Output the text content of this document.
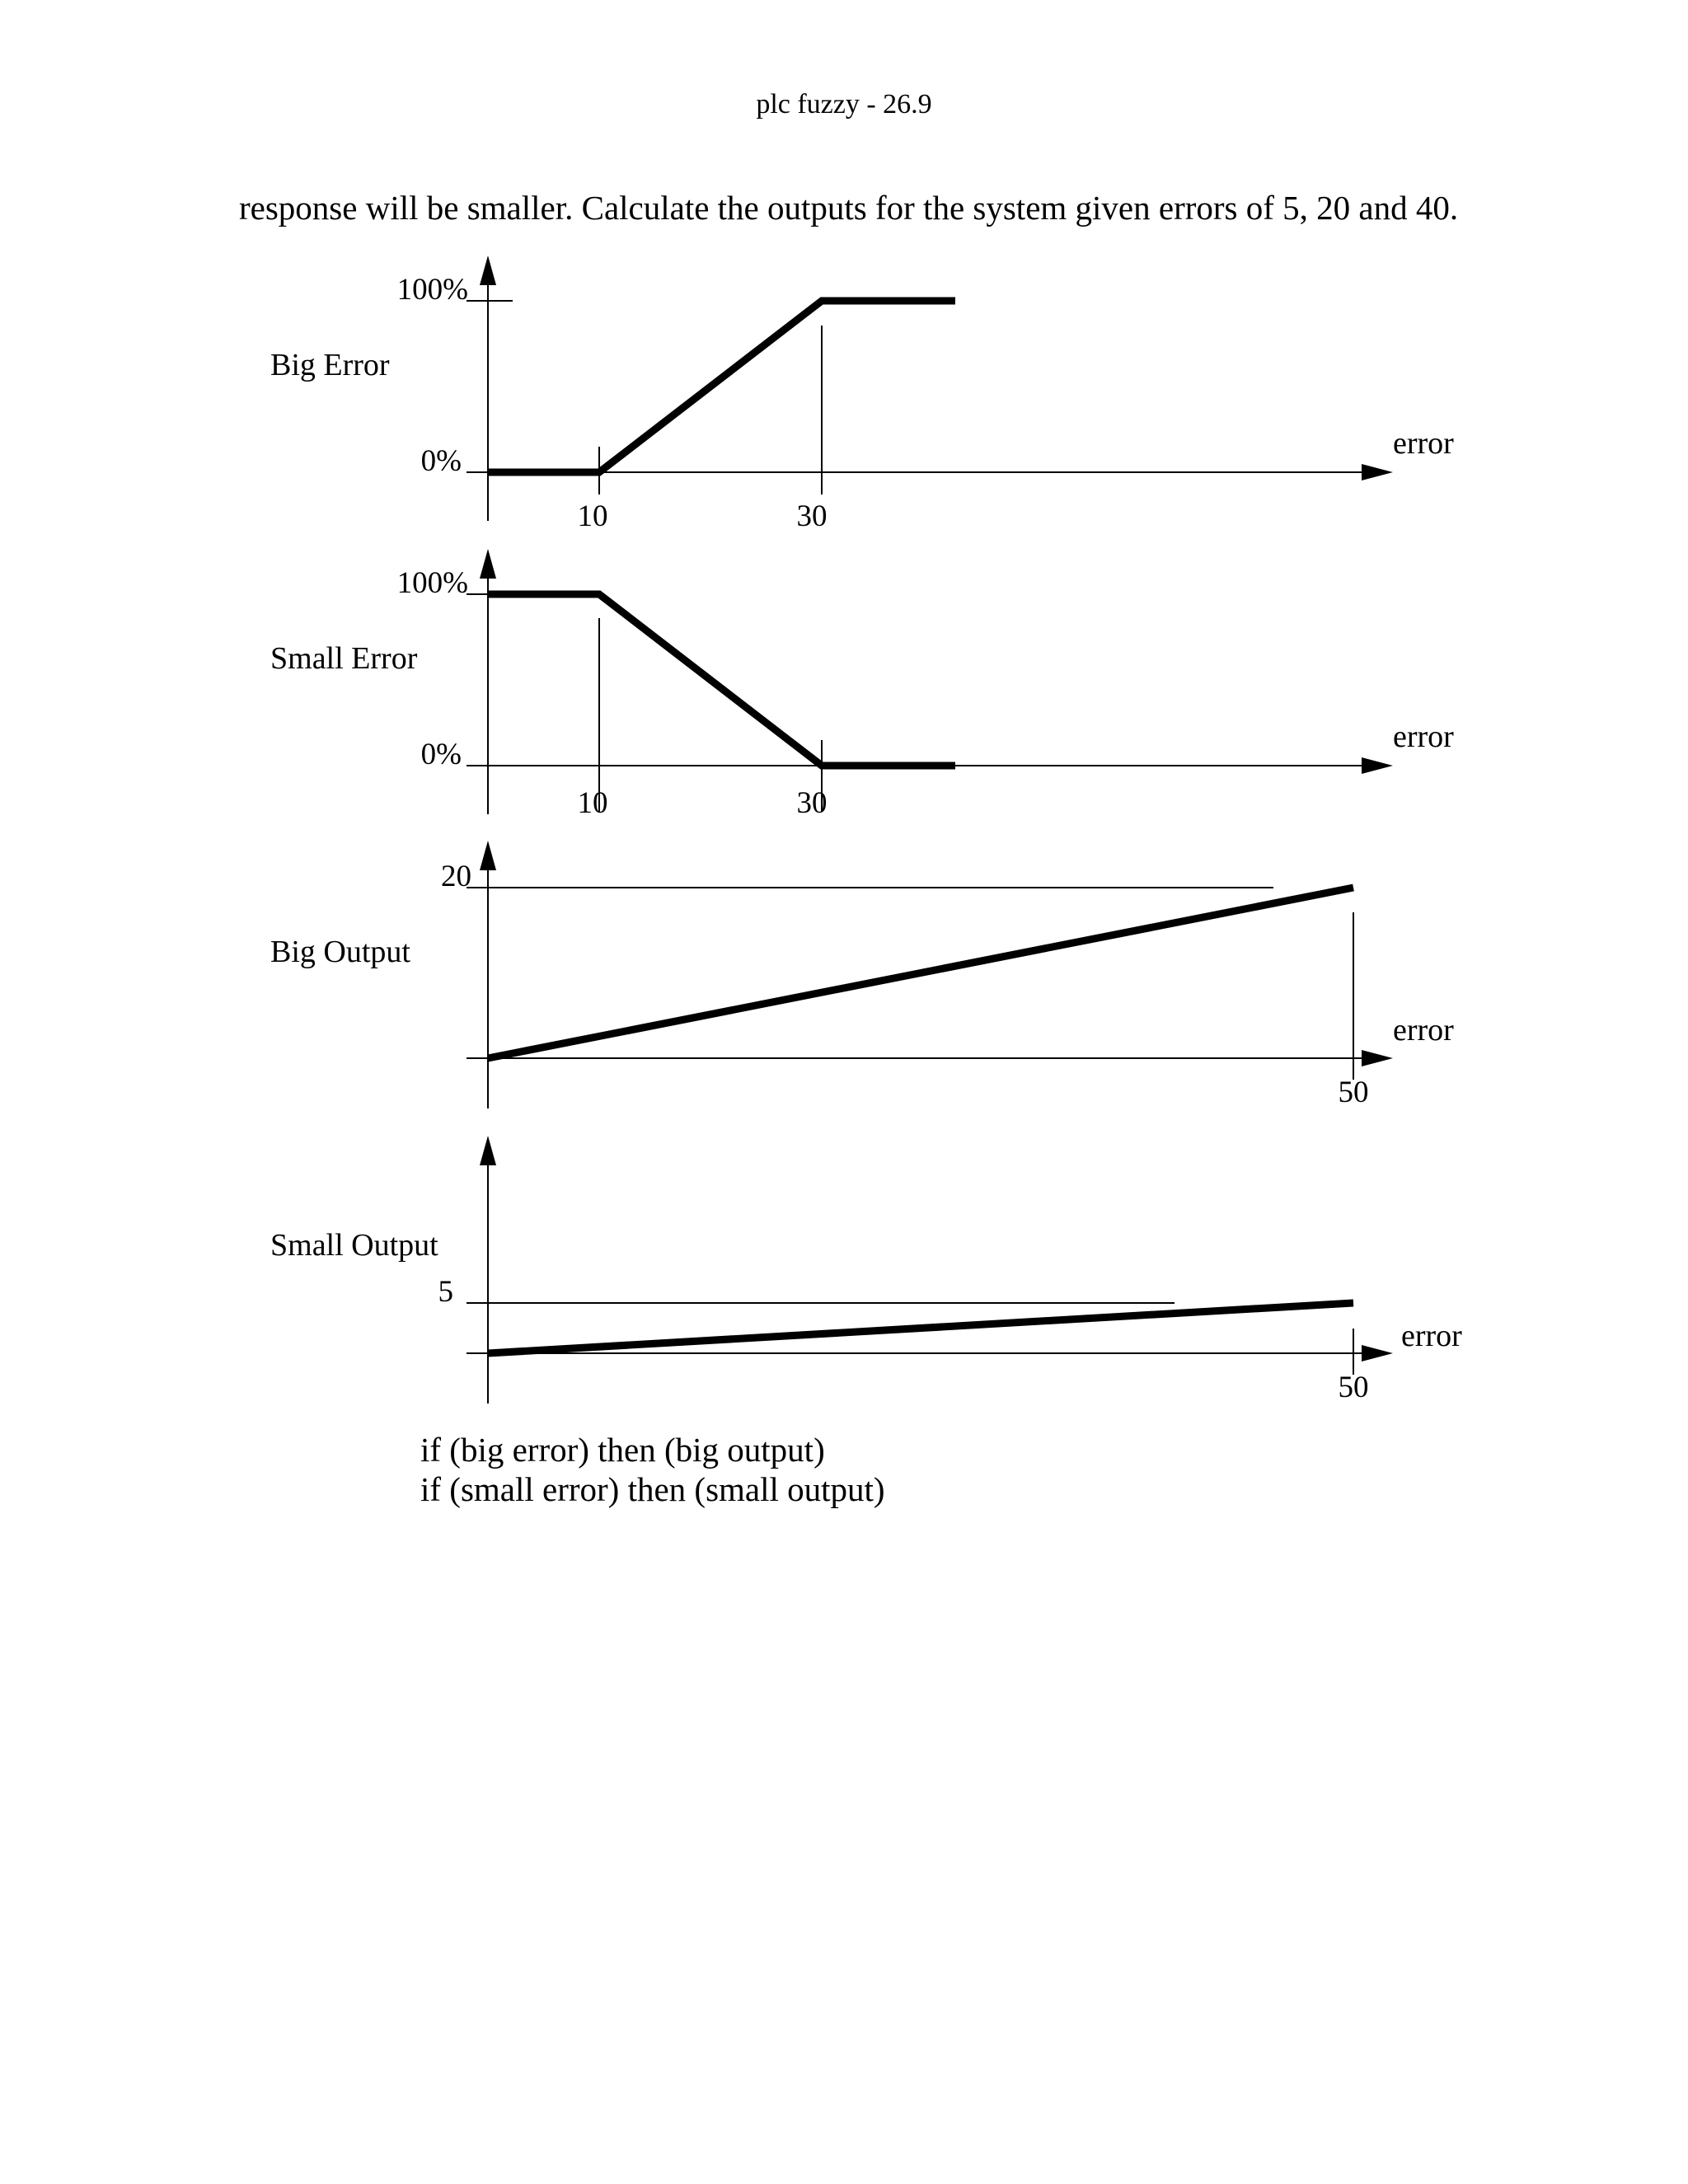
plc fuzzy - 26.9
response will be smaller. Calculate the outputs for the system given errors of 5, 20 and 40.
100%
0%
10	30
Big Error
error
100%
0%
10	30
Small Error
error
20
50
Big Output
error
5
50
Small Output
error
if (big error) then (big output)
if (small error) then (small output)
